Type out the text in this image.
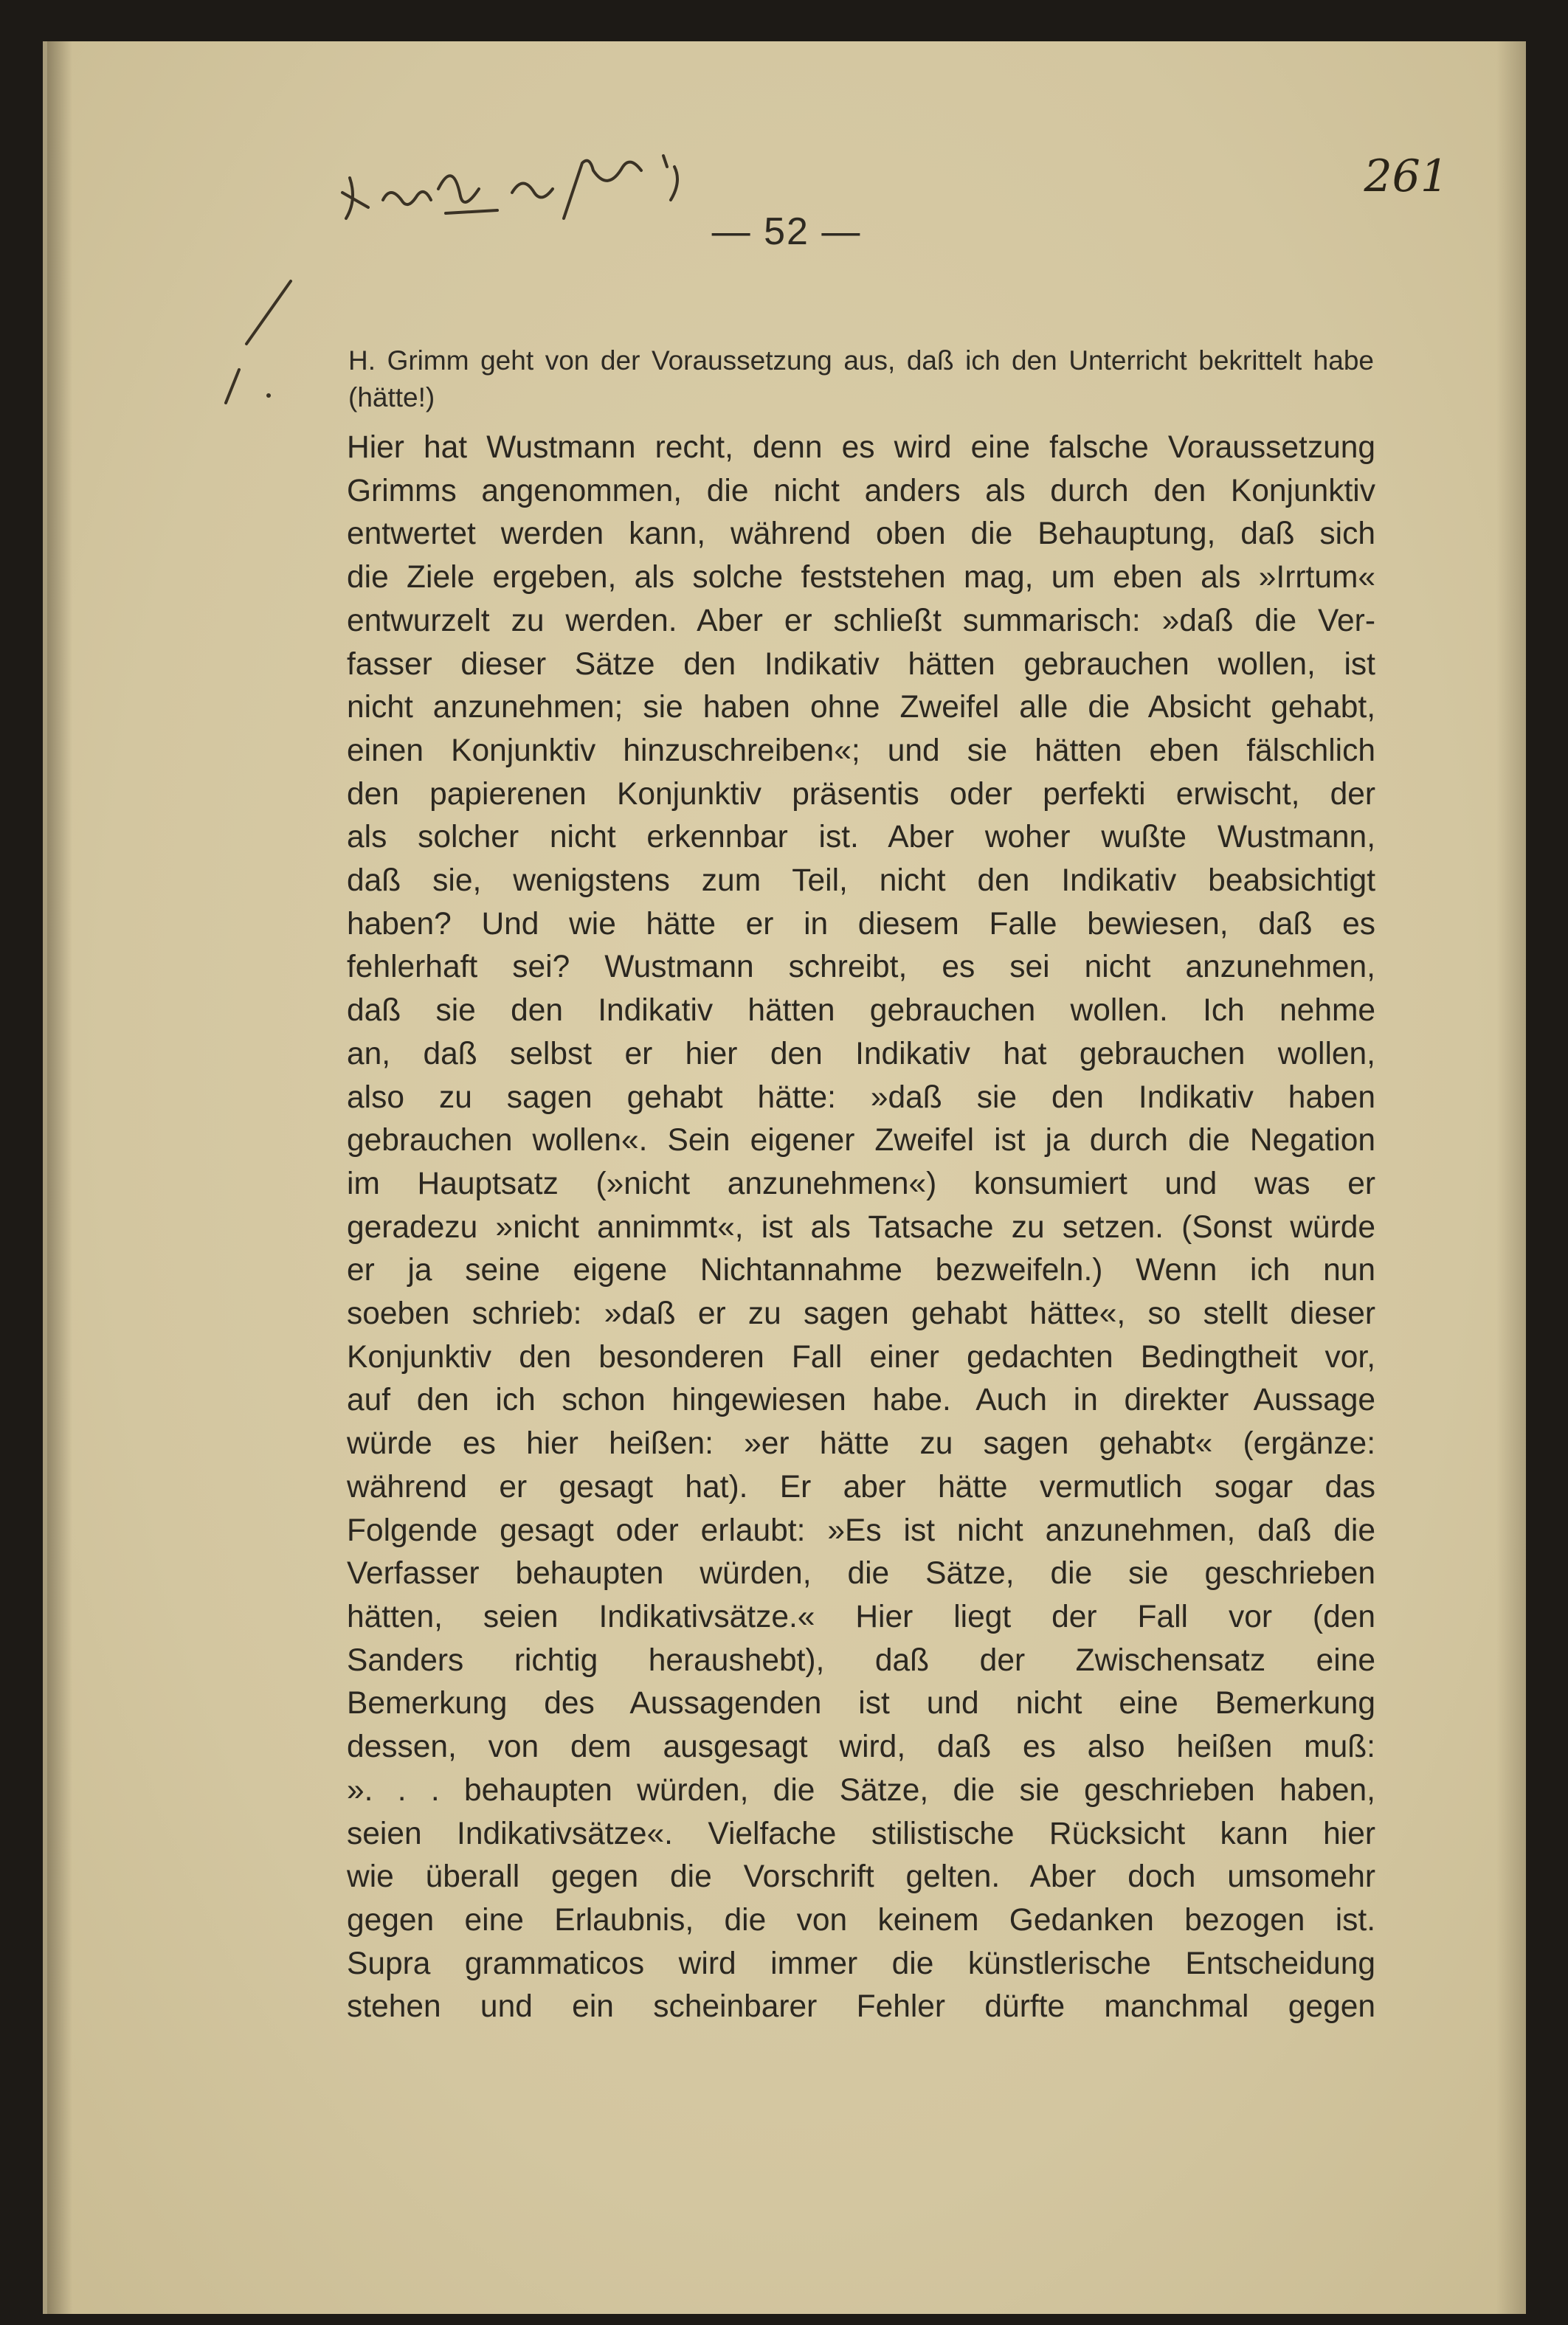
261
— 52 —
H. Grimm geht von der Voraussetzung aus, daß ich den Unterricht bekrittelt habe (hätte!)
Hier hat Wustmann recht, denn es wird eine falsche Voraussetzung
Grimms angenommen, die nicht anders als durch den Konjunktiv
entwertet werden kann, während oben die Behauptung, daß sich
die Ziele ergeben, als solche feststehen mag, um eben als »Irrtum«
entwurzelt zu werden. Aber er schließt summarisch: »daß die Ver-
fasser dieser Sätze den Indikativ hätten gebrauchen wollen, ist
nicht anzunehmen; sie haben ohne Zweifel alle die Absicht gehabt,
einen Konjunktiv hinzuschreiben«; und sie hätten eben fälschlich
den papierenen Konjunktiv präsentis oder perfekti erwischt, der
als solcher nicht erkennbar ist. Aber woher wußte Wustmann,
daß sie, wenigstens zum Teil, nicht den Indikativ beabsichtigt
haben? Und wie hätte er in diesem Falle bewiesen, daß es
fehlerhaft sei? Wustmann schreibt, es sei nicht anzunehmen,
daß sie den Indikativ hätten gebrauchen wollen. Ich nehme
an, daß selbst er hier den Indikativ hat gebrauchen wollen,
also zu sagen gehabt hätte: »daß sie den Indikativ haben
gebrauchen wollen«. Sein eigener Zweifel ist ja durch die Negation
im Hauptsatz (»nicht anzunehmen«) konsumiert und was er
geradezu »nicht annimmt«, ist als Tatsache zu setzen. (Sonst würde
er ja seine eigene Nichtannahme bezweifeln.) Wenn ich nun
soeben schrieb: »daß er zu sagen gehabt hätte«, so stellt dieser
Konjunktiv den besonderen Fall einer gedachten Bedingtheit vor,
auf den ich schon hingewiesen habe. Auch in direkter Aussage
würde es hier heißen: »er hätte zu sagen gehabt« (ergänze:
während er gesagt hat). Er aber hätte vermutlich sogar das
Folgende gesagt oder erlaubt: »Es ist nicht anzunehmen, daß die
Verfasser behaupten würden, die Sätze, die sie geschrieben
hätten, seien Indikativsätze.« Hier liegt der Fall vor (den
Sanders richtig heraushebt), daß der Zwischensatz eine
Bemerkung des Aussagenden ist und nicht eine Bemerkung
dessen, von dem ausgesagt wird, daß es also heißen muß:
». . . behaupten würden, die Sätze, die sie geschrieben haben,
seien Indikativsätze«. Vielfache stilistische Rücksicht kann hier
wie überall gegen die Vorschrift gelten. Aber doch umsomehr
gegen eine Erlaubnis, die von keinem Gedanken bezogen ist.
Supra grammaticos wird immer die künstlerische Entscheidung
stehen und ein scheinbarer Fehler dürfte manchmal gegen
